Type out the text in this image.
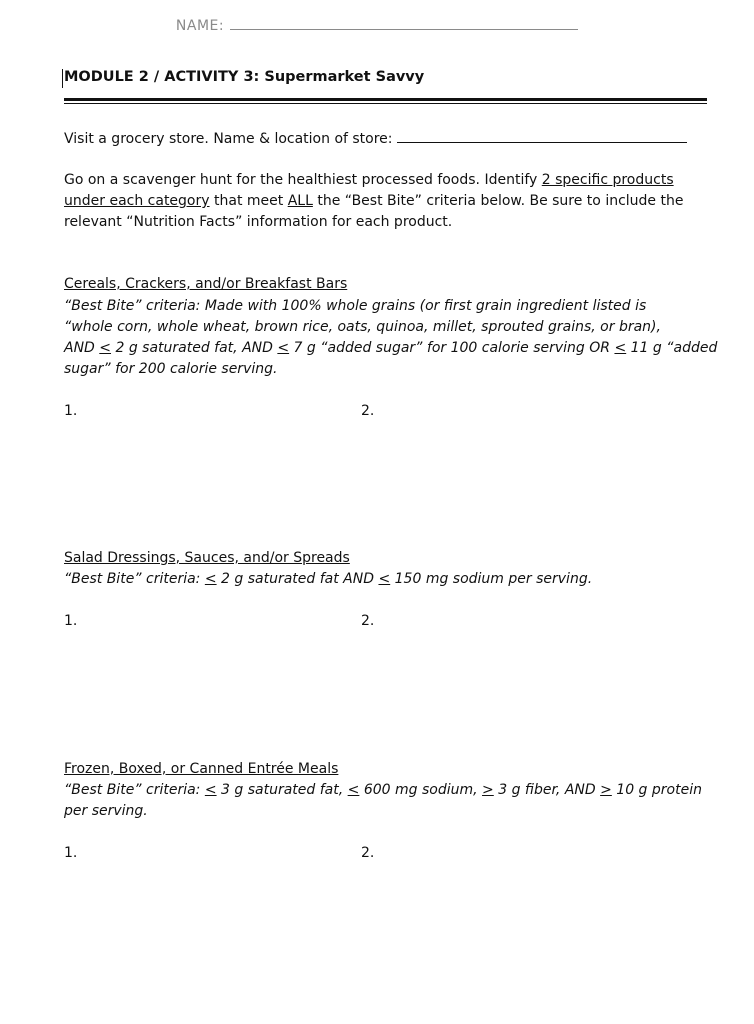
NAME:
MODULE 2 / ACTIVITY 3: Supermarket Savvy
Visit a grocery store. Name & location of store:
Go on a scavenger hunt for the healthiest processed foods. Identify 2 specific products
under each category that meet ALL the “Best Bite” criteria below. Be sure to include the
relevant “Nutrition Facts” information for each product.
Cereals, Crackers, and/or Breakfast Bars
“Best Bite” criteria: Made with 100% whole grains (or first grain ingredient listed is
“whole corn, whole wheat, brown rice, oats, quinoa, millet, sprouted grains, or bran),
AND < 2 g saturated fat, AND < 7 g “added sugar” for 100 calorie serving OR < 11 g “added
sugar” for 200 calorie serving.
1.	2.
Salad Dressings, Sauces, and/or Spreads
“Best Bite” criteria: < 2 g saturated fat AND < 150 mg sodium per serving.
1.	2.
Frozen, Boxed, or Canned Entrée Meals
“Best Bite” criteria: < 3 g saturated fat, < 600 mg sodium, > 3 g fiber, AND > 10 g protein
per serving.
1.	2.
